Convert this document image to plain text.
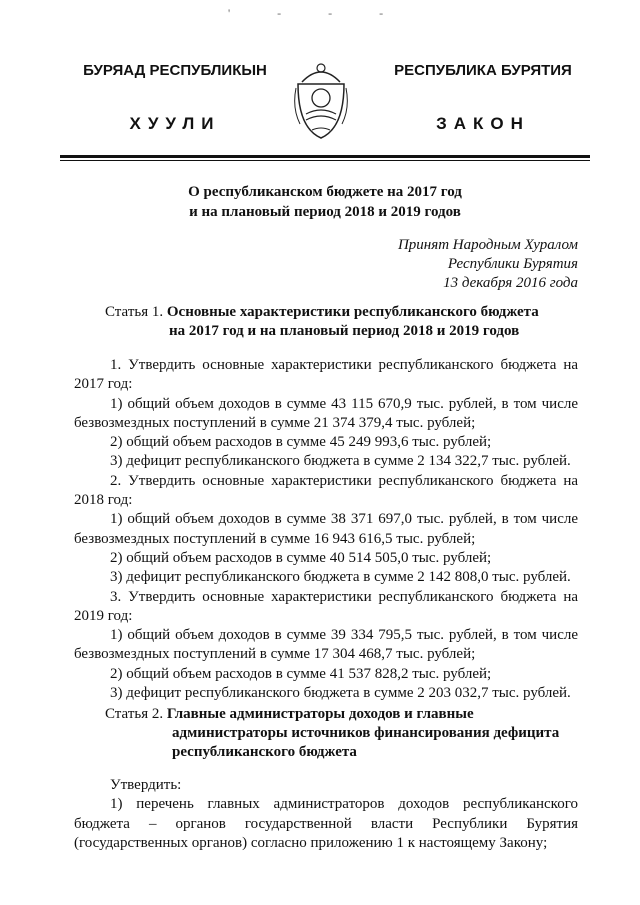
' - - -
БУРЯАД РЕСПУБЛИКЫН
ХУУЛИ
РЕСПУБЛИКА БУРЯТИЯ
ЗАКОН
О республиканском бюджете на 2017 год
и на плановый период 2018 и 2019 годов
Принят Народным Хуралом
Республики Бурятия
13 декабря 2016 года
Статья 1. Основные характеристики республиканского бюджета
на 2017 год и на плановый период 2018 и 2019 годов

1. Утвердить основные характеристики республиканского бюджета на 2017 год:

1) общий объем доходов в сумме 43 115 670,9 тыс. рублей, в том числе безвозмездных поступлений в сумме 21 374 379,4 тыс. рублей;

2) общий объем расходов в сумме 45 249 993,6 тыс. рублей;

3) дефицит республиканского бюджета в сумме 2 134 322,7 тыс. рублей.

2. Утвердить основные характеристики республиканского бюджета на 2018 год:

1) общий объем доходов в сумме 38 371 697,0 тыс. рублей, в том числе безвозмездных поступлений в сумме 16 943 616,5 тыс. рублей;

2) общий объем расходов в сумме 40 514 505,0 тыс. рублей;

3) дефицит республиканского бюджета в сумме 2 142 808,0 тыс. рублей.

3. Утвердить основные характеристики республиканского бюджета на 2019 год:

1) общий объем доходов в сумме 39 334 795,5 тыс. рублей, в том числе безвозмездных поступлений в сумме 17 304 468,7 тыс. рублей;

2) общий объем расходов в сумме 41 537 828,2 тыс. рублей;

3) дефицит республиканского бюджета в сумме 2 203 032,7 тыс. рублей.

Статья 2. Главные администраторы доходов и главные
администраторы источников финансирования дефицита
республиканского бюджета

Утвердить:

1) перечень главных администраторов доходов республиканского бюджета – органов государственной власти Республики Бурятия (государственных органов) согласно приложению 1 к настоящему Закону;
